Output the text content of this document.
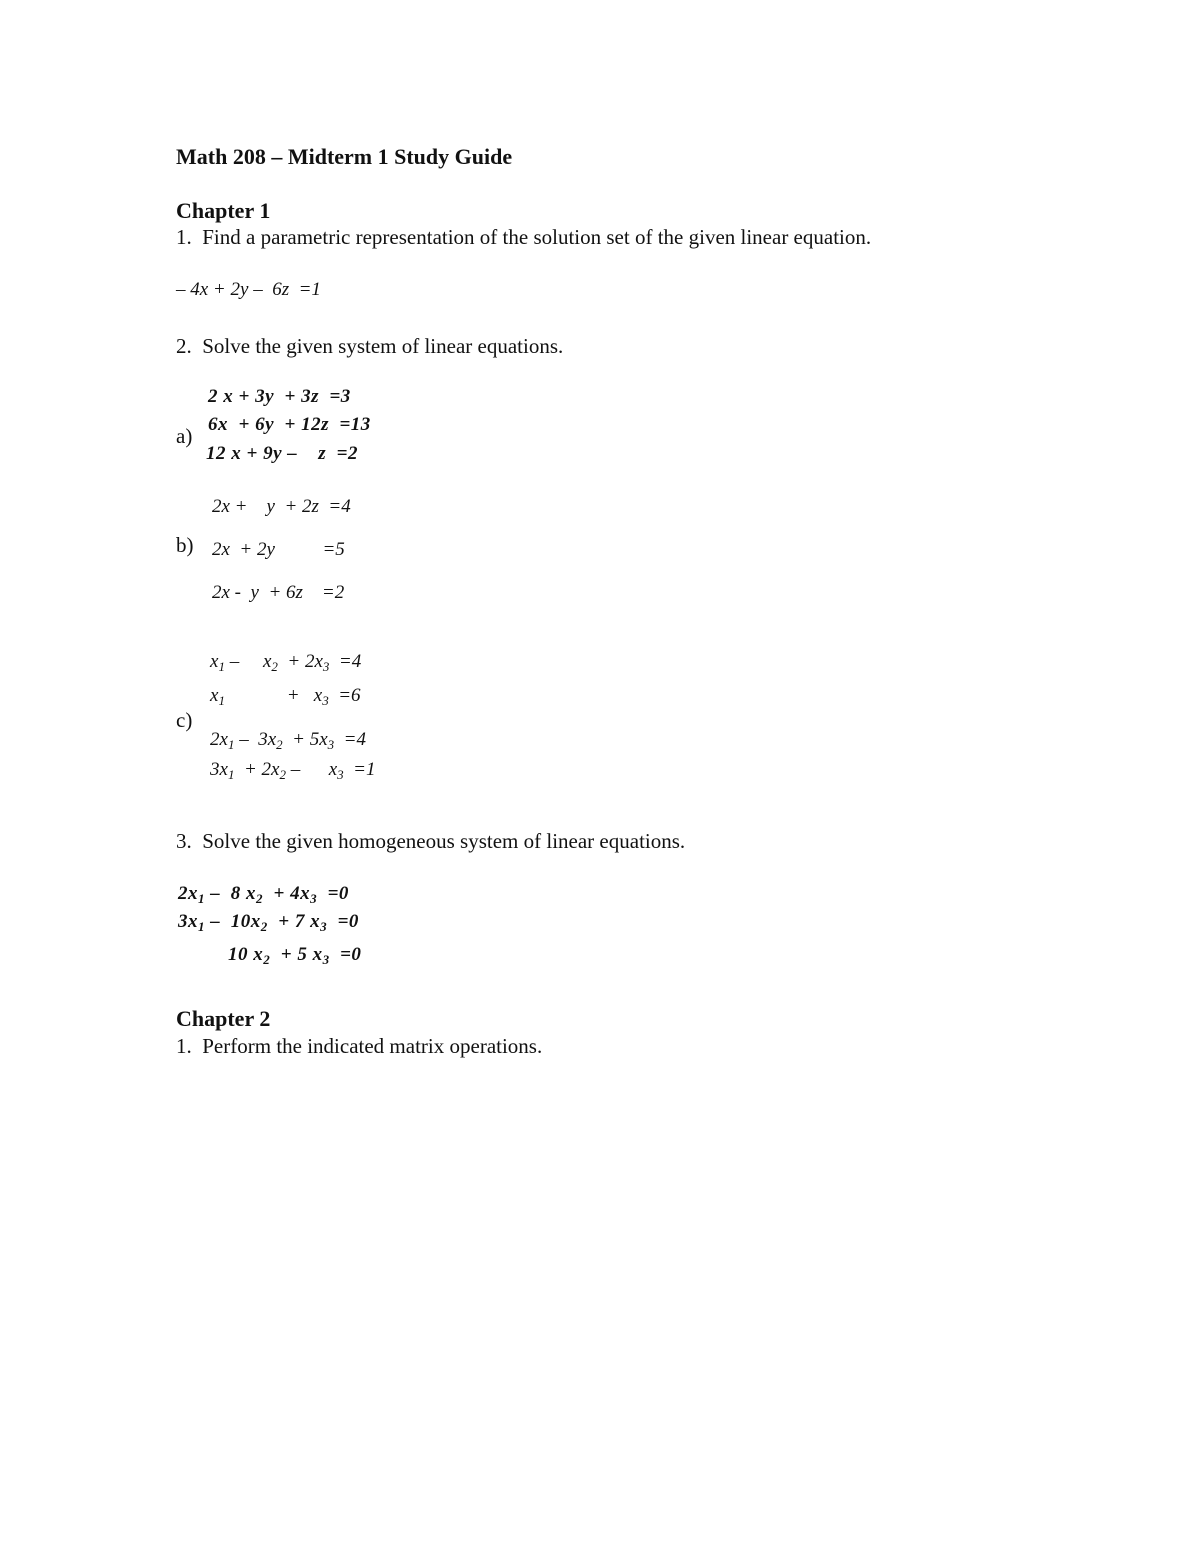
Math 208 – Midterm 1 Study Guide
Chapter 1
1.  Find a parametric representation of the solution set of the given linear equation.
– 4x + 2y –  6z  =1
2.  Solve the given system of linear equations.
a)
2 x + 3y  + 3z  =3
6x  + 6y  + 12z  =13
12 x + 9y –    z  =2
b)
2x +    y  + 2z  =4
2x  + 2y          =5
2x -  y  + 6z    =2
c)
$x_1$ –     $x_2 + 2x_3 =4$
$x_1$             +   $x_3 =6$
$2x_1 - 3x_2 + 5x_3 =4$
$3x_1 + 2x_2$ –      $x_3 =1$
3.  Solve the given homogeneous system of linear equations.
$2x_1 - 8$ $x_2 + 4x_3 =0$
$3x_1 - 10x_2 + 7$ $x_3 =0$
10 $x_2 + 5$ $x_3 =0$
Chapter 2
1.  Perform the indicated matrix operations.
